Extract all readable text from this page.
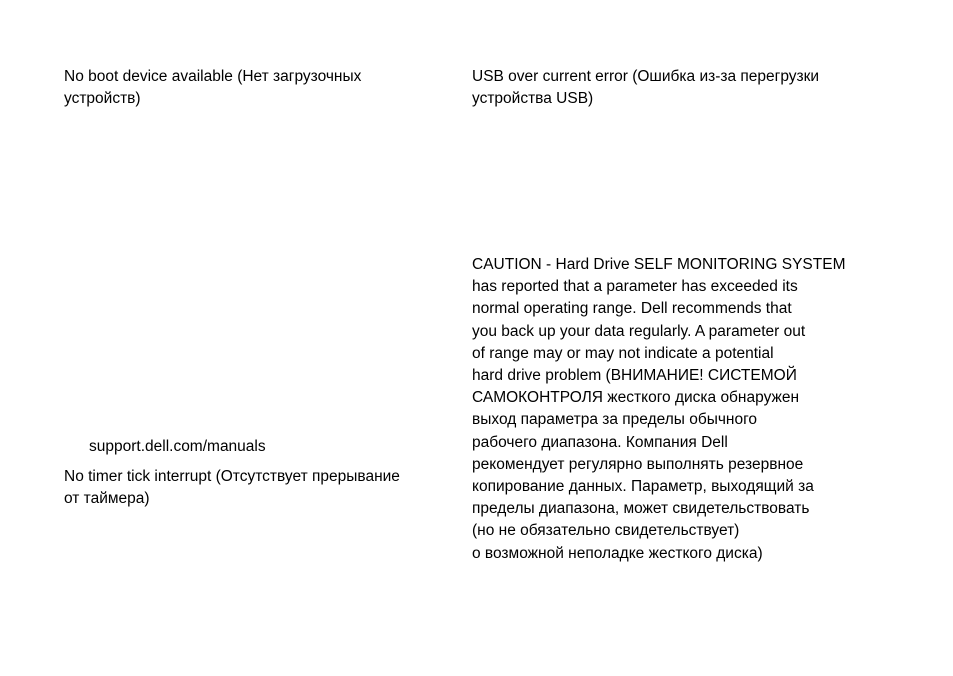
No boot device available (Нет загрузочных
устройств)

support.dell.com/manuals

No timer tick interrupt (Отсутствует прерывание
от таймера)

USB over current error (Ошибка из-за перегрузки
устройства USB)

CAUTION - Hard Drive SELF MONITORING SYSTEM
has reported that a parameter has exceeded its
normal operating range. Dell recommends that
you back up your data regularly. A parameter out
of range may or may not indicate a potential
hard drive problem (ВНИМАНИЕ! СИСТЕМОЙ
САМОКОНТРОЛЯ жесткого диска обнаружен
выход параметра за пределы обычного
рабочего диапазона. Компания Dell
рекомендует регулярно выполнять резервное
копирование данных. Параметр, выходящий за
пределы диапазона, может свидетельствовать
(но не обязательно свидетельствует)
о возможной неполадке жесткого диска)
